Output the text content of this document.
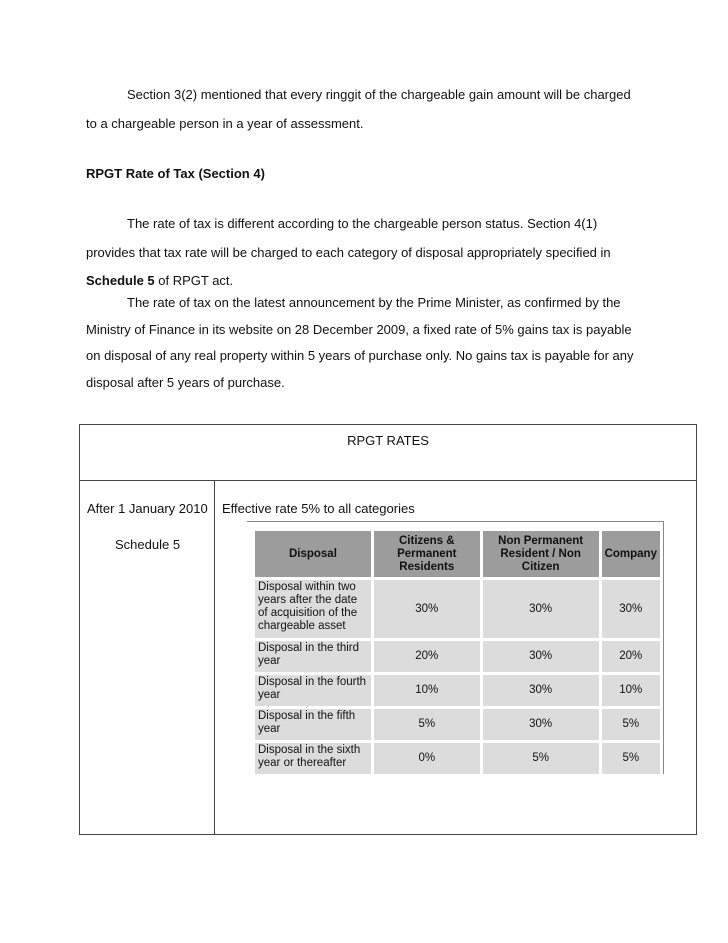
Section 3(2) mentioned that every ringgit of the chargeable gain amount will be charged
to a chargeable person in a year of assessment.
RPGT Rate of Tax (Section 4)
The rate of tax is different according to the chargeable person status. Section 4(1)
provides that tax rate will be charged to each category of disposal appropriately specified in
Schedule 5 of RPGT act.
The rate of tax on the latest announcement by the Prime Minister, as confirmed by the
Ministry of Finance in its website on 28 December 2009, a fixed rate of 5% gains tax is payable
on disposal of any real property within 5 years of purchase only. No gains tax is payable for any
disposal after 5 years of purchase.
RPGT RATES
After 1 January 2010 Effective rate 5% to all categories
Schedule 5
Disposal	Citizens & Permanent Residents	Non Permanent Resident / Non Citizen	Company
Disposal within two years after the date of acquisition of the chargeable asset	30%	30%	30%
Disposal in the third year	20%	30%	20%
Disposal in the fourth year	10%	30%	10%
Disposal in the fifth year	5%	30%	5%
Disposal in the sixth year or thereafter	0%	5%	5%
